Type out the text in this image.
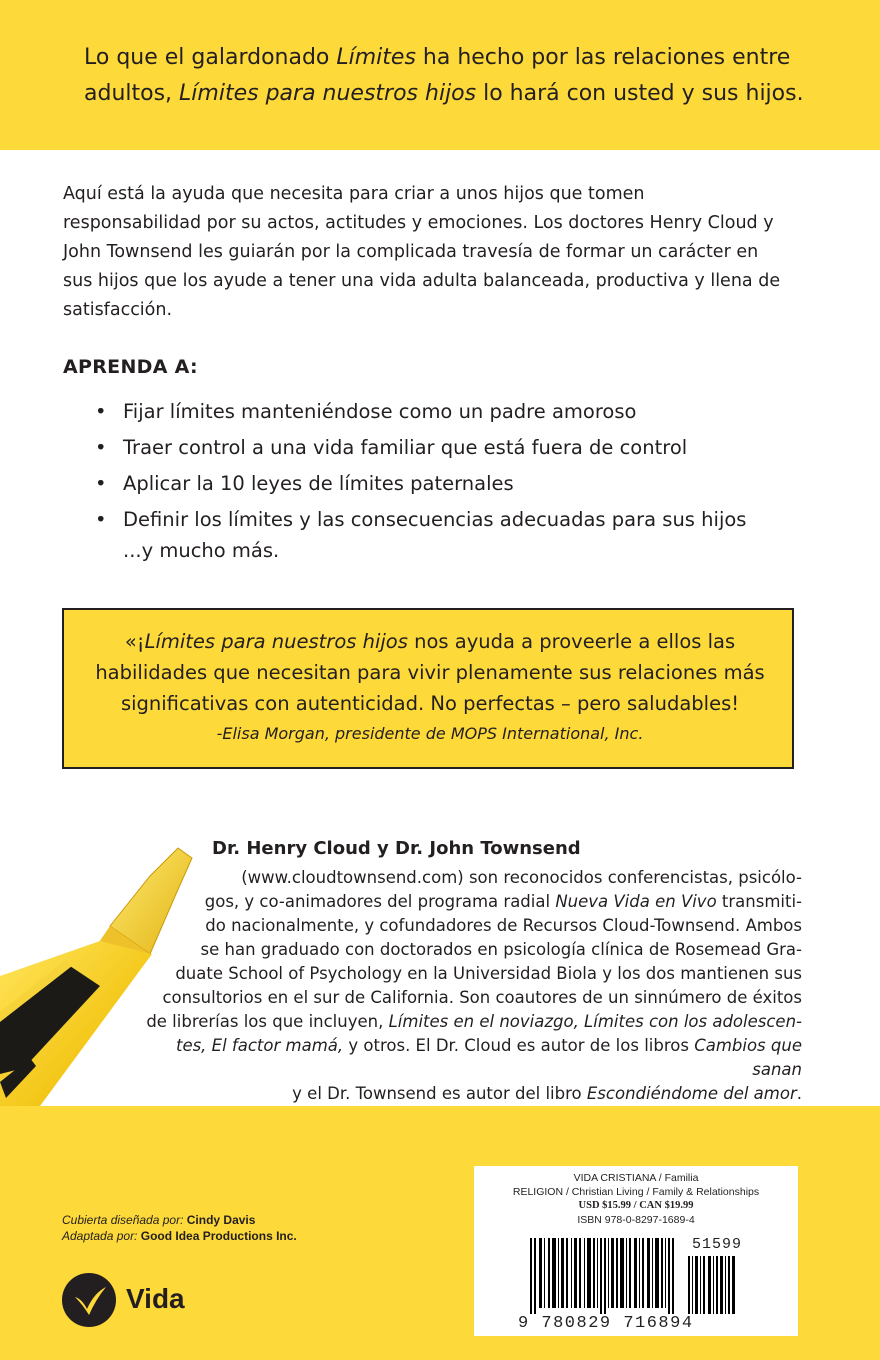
Lo que el galardonado Límites ha hecho por las relaciones entre
adultos, Límites para nuestros hijos lo hará con usted y sus hijos.
Aquí está la ayuda que necesita para criar a unos hijos que tomen responsabilidad por su actos, actitudes y emociones. Los doctores Henry Cloud y John Townsend les guiarán por la complicada travesía de formar un carácter en sus hijos que los ayude a tener una vida adulta balanceada, productiva y llena de satisfacción.
APRENDA A:
• Fijar límites manteniéndose como un padre amoroso
• Traer control a una vida familiar que está fuera de control
• Aplicar la 10 leyes de límites paternales
• Definir los límites y las consecuencias adecuadas para sus hijos
...y mucho más.
«¡Límites para nuestros hijos nos ayuda a proveerle a ellos las habilidades que necesitan para vivir plenamente sus relaciones más significativas con autenticidad. No perfectas – pero saludables!
-Elisa Morgan, presidente de MOPS International, Inc.
Dr. Henry Cloud y Dr. John Townsend
(www.cloudtownsend.com) son reconocidos conferencistas, psicólo-
gos, y co-animadores del programa radial Nueva Vida en Vivo transmiti-
do nacionalmente, y cofundadores de Recursos Cloud-Townsend. Ambos
se han graduado con doctorados en psicología clínica de Rosemead Gra-
duate School of Psychology en la Universidad Biola y los dos mantienen sus
consultorios en el sur de California. Son coautores de un sinnúmero de éxitos
de librerías los que incluyen, Límites en el noviazgo, Límites con los adolescen-
tes, El factor mamá, y otros. El Dr. Cloud es autor de los libros Cambios que sanan
y el Dr. Townsend es autor del libro Escondiéndome del amor.
Cubierta diseñada por: Cindy Davis
Adaptada por: Good Idea Productions Inc.
Vida
VIDA CRISTIANA / Familia
RELIGION / Christian Living / Family & Relationships
USD $15.99 / CAN $19.99
ISBN 978-0-8297-1689-4
51599
9 780829 716894
